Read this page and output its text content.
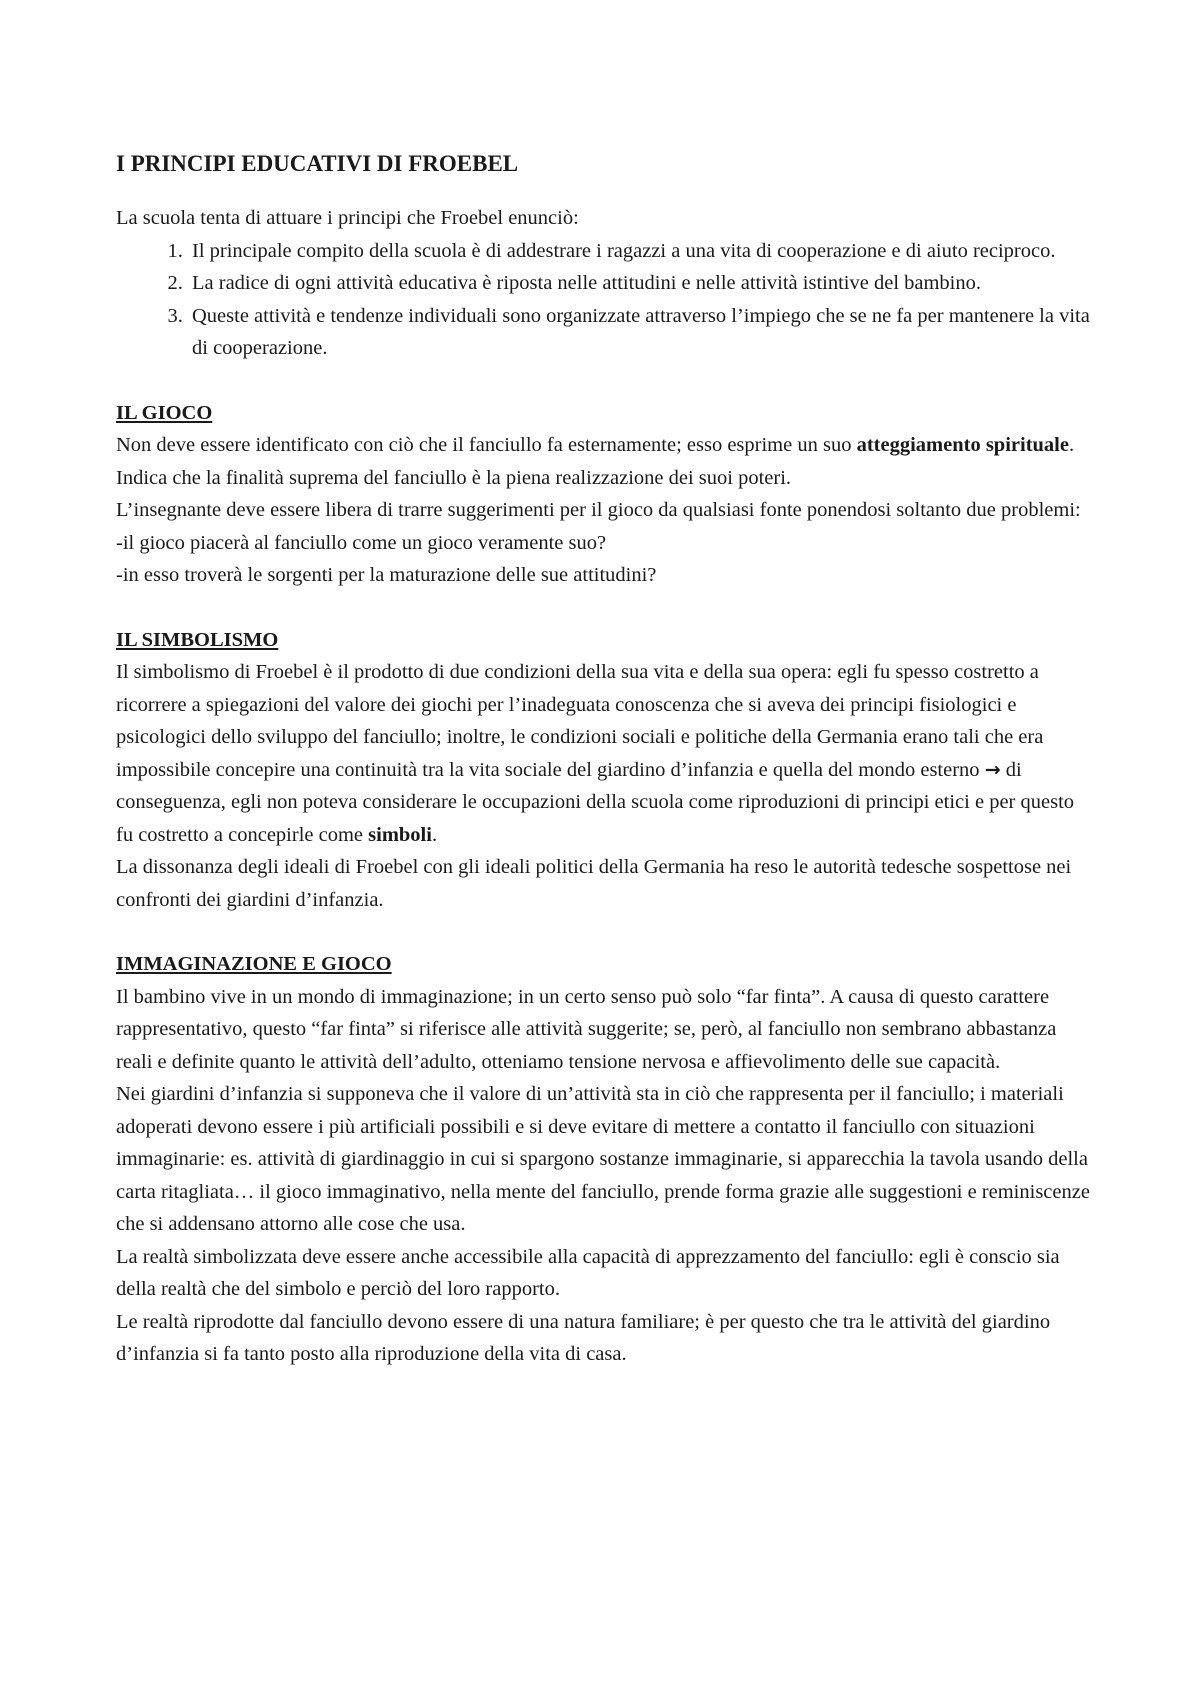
I PRINCIPI EDUCATIVI DI FROEBEL

La scuola tenta di attuare i principi che Froebel enunciò:

1. Il principale compito della scuola è di addestrare i ragazzi a una vita di cooperazione e di aiuto reciproco.
2. La radice di ogni attività educativa è riposta nelle attitudini e nelle attività istintive del bambino.
3. Queste attività e tendenze individuali sono organizzate attraverso l’impiego che se ne fa per mantenere la vita di cooperazione.
IL GIOCO

Non deve essere identificato con ciò che il fanciullo fa esternamente; esso esprime un suo atteggiamento spirituale. Indica che la finalità suprema del fanciullo è la piena realizzazione dei suoi poteri.

L’insegnante deve essere libera di trarre suggerimenti per il gioco da qualsiasi fonte ponendosi soltanto due problemi:

-il gioco piacerà al fanciullo come un gioco veramente suo?

-in esso troverà le sorgenti per la maturazione delle sue attitudini?

IL SIMBOLISMO

Il simbolismo di Froebel è il prodotto di due condizioni della sua vita e della sua opera: egli fu spesso costretto a ricorrere a spiegazioni del valore dei giochi per l’inadeguata conoscenza che si aveva dei principi fisiologici e psicologici dello sviluppo del fanciullo; inoltre, le condizioni sociali e politiche della Germania erano tali che era impossibile concepire una continuità tra la vita sociale del giardino d’infanzia e quella del mondo esterno → di conseguenza, egli non poteva considerare le occupazioni della scuola come riproduzioni di principi etici e per questo fu costretto a concepirle come simboli.

La dissonanza degli ideali di Froebel con gli ideali politici della Germania ha reso le autorità tedesche sospettose nei confronti dei giardini d’infanzia.

IMMAGINAZIONE E GIOCO

Il bambino vive in un mondo di immaginazione; in un certo senso può solo “far finta”. A causa di questo carattere rappresentativo, questo “far finta” si riferisce alle attività suggerite; se, però, al fanciullo non sembrano abbastanza reali e definite quanto le attività dell’adulto, otteniamo tensione nervosa e affievolimento delle sue capacità.

Nei giardini d’infanzia si supponeva che il valore di un’attività sta in ciò che rappresenta per il fanciullo; i materiali adoperati devono essere i più artificiali possibili e si deve evitare di mettere a contatto il fanciullo con situazioni immaginarie: es. attività di giardinaggio in cui si spargono sostanze immaginarie, si apparecchia la tavola usando della carta ritagliata… il gioco immaginativo, nella mente del fanciullo, prende forma grazie alle suggestioni e reminiscenze che si addensano attorno alle cose che usa.

La realtà simbolizzata deve essere anche accessibile alla capacità di apprezzamento del fanciullo: egli è conscio sia della realtà che del simbolo e perciò del loro rapporto.

Le realtà riprodotte dal fanciullo devono essere di una natura familiare; è per questo che tra le attività del giardino d’infanzia si fa tanto posto alla riproduzione della vita di casa.
